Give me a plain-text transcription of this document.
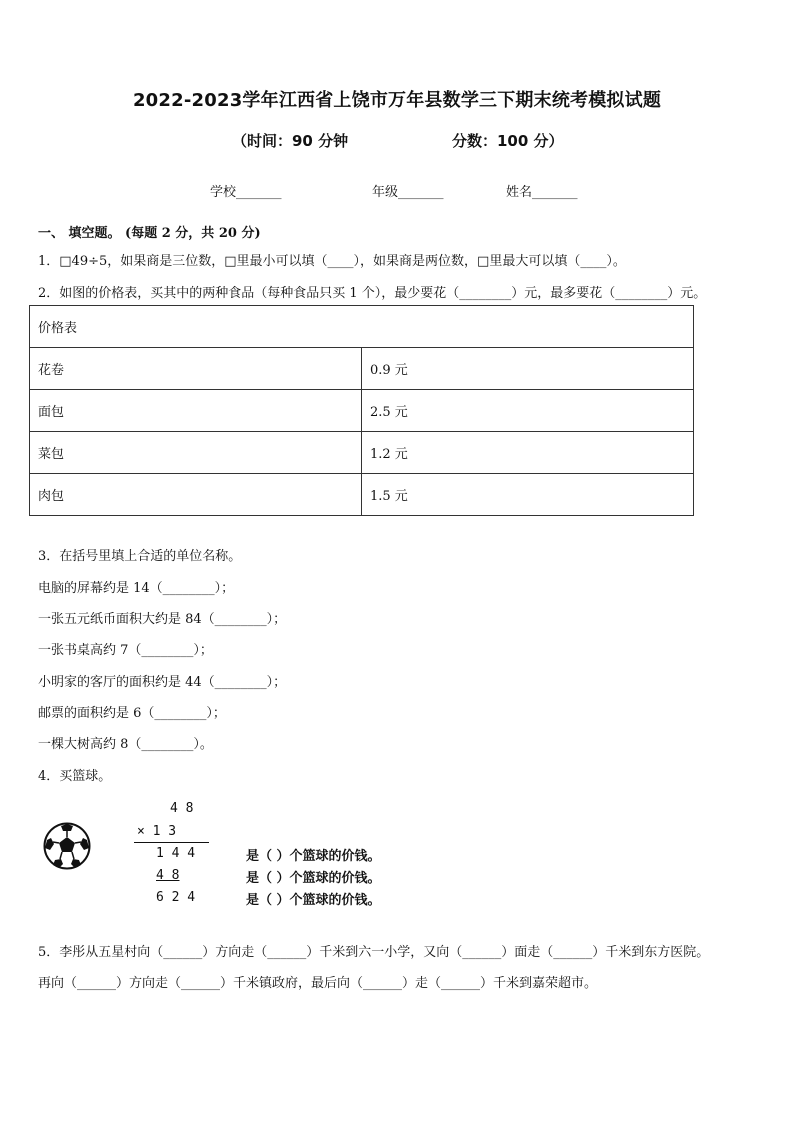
2022-2023学年江西省上饶市万年县数学三下期末统考模拟试题
（时间：90 分钟	分数：100 分）
学校_______	年级_______	姓名_______
一、 填空题。 (每题 2 分，共 20 分)
1．□49÷5，如果商是三位数，□里最小可以填（____），如果商是两位数，□里最大可以填（____）。
2．如图的价格表，买其中的两种食品（每种食品只买 1 个），最少要花（________）元，最多要花（________）元。
价格表	
花卷	0.9 元
面包	2.5 元
菜包	1.2 元
肉包	1.5 元
3．在括号里填上合适的单位名称。
电脑的屏幕约是 14（________）；
一张五元纸币面积大约是 84（________）；
一张书桌高约 7（________）；
小明家的客厅的面积约是 44（________）；
邮票的面积约是 6（________）；
一棵大树高约 8（________）。
4．买篮球。
4 8
× 1 3
1 4 4
4 8
6 2 4
是（ ）个篮球的价钱。
是（ ）个篮球的价钱。
是（ ）个篮球的价钱。
5．李彤从五星村向（______）方向走（______）千米到六一小学，又向（______）面走（______）千米到东方医院。
再向（______）方向走（______）千米镇政府，最后向（______）走（______）千米到嘉荣超市。
